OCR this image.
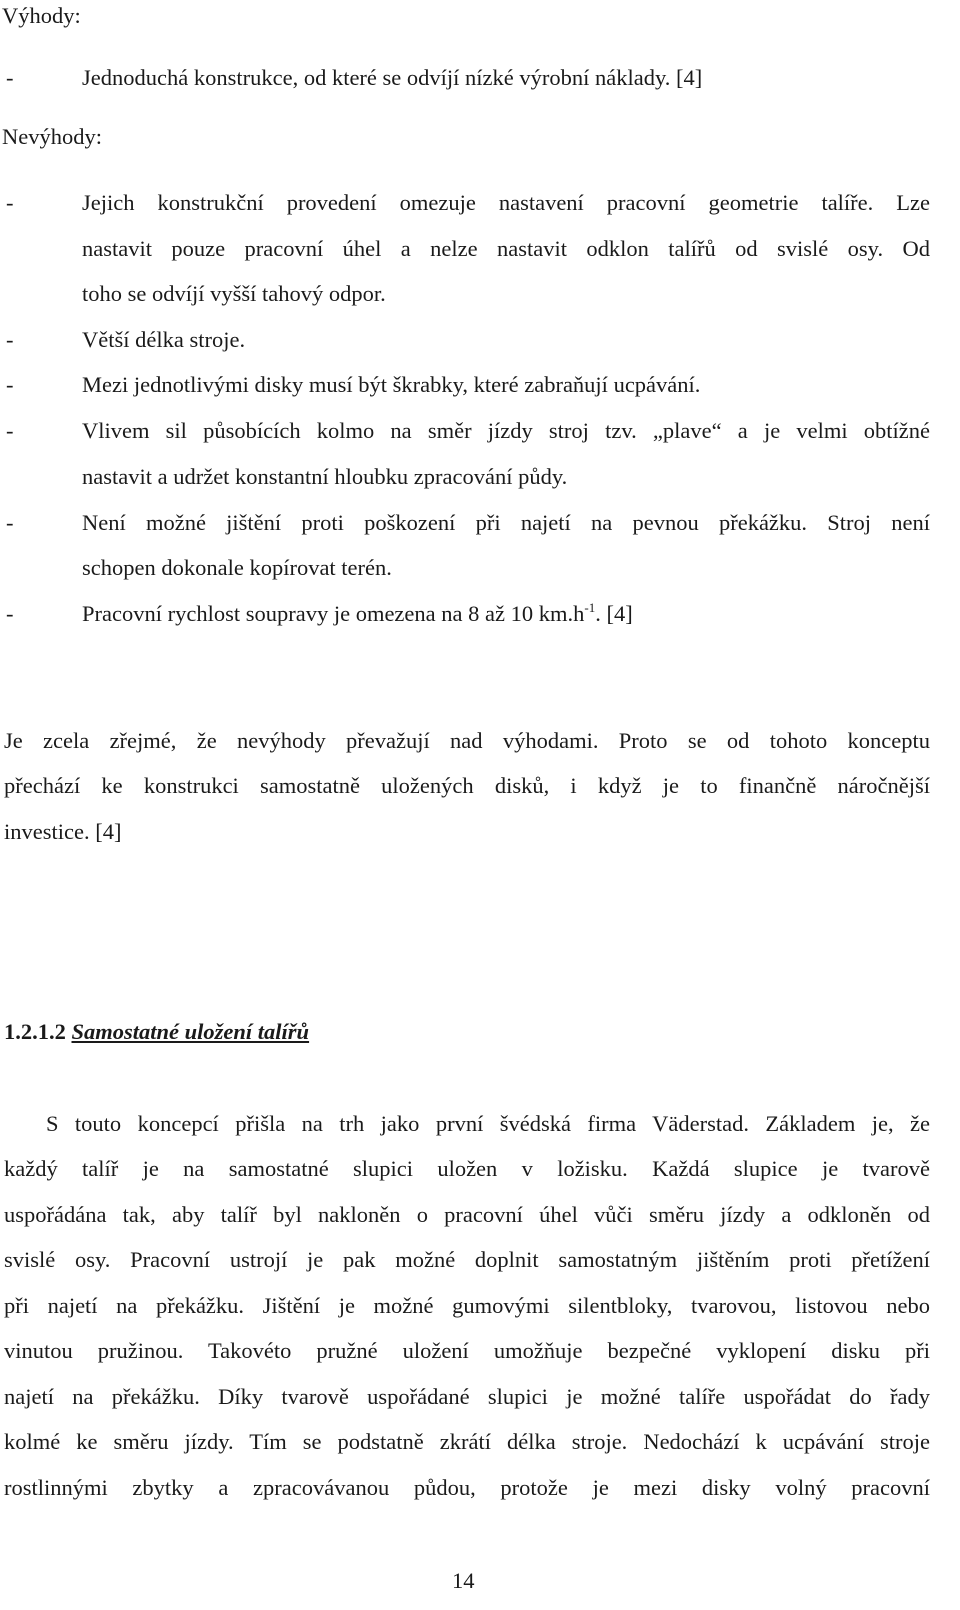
Výhody:
-	Jednoduchá konstrukce, od které se odvíjí nízké výrobní náklady. [4]
Nevýhody:
-	Jejich konstrukční provedení omezuje nastavení pracovní geometrie talíře. Lze
nastavit pouze pracovní úhel a nelze nastavit odklon talířů od svislé osy. Od
toho se odvíjí vyšší tahový odpor.
-	Větší délka stroje.
-	Mezi jednotlivými disky musí být škrabky, které zabraňují ucpávání.
-	Vlivem sil působících kolmo na směr jízdy stroj tzv. „plave“ a je velmi obtížné
nastavit a udržet konstantní hloubku zpracování půdy.
-	Není možné jištění proti poškození při najetí na pevnou překážku. Stroj není
schopen dokonale kopírovat terén.
-	Pracovní rychlost soupravy je omezena na 8 až 10 $km.h^{-1}$. [4]
Je zcela zřejmé, že nevýhody převažují nad výhodami. Proto se od tohoto konceptu
přechází ke konstrukci samostatně uložených disků, i když je to finančně náročnější
investice. [4]
1.2.1.2 Samostatné uložení talířů
S touto koncepcí přišla na trh jako první švédská firma Väderstad. Základem je, že
každý talíř je na samostatné slupici uložen v ložisku. Každá slupice je tvarově
uspořádána tak, aby talíř byl nakloněn o pracovní úhel vůči směru jízdy a odkloněn od
svislé osy. Pracovní ustrojí je pak možné doplnit samostatným jištěním proti přetížení
při najetí na překážku. Jištění je možné gumovými silentbloky, tvarovou, listovou nebo
vinutou pružinou. Takovéto pružné uložení umožňuje bezpečné vyklopení disku při
najetí na překážku. Díky tvarově uspořádané slupici je možné talíře uspořádat do řady
kolmé ke směru jízdy. Tím se podstatně zkrátí délka stroje. Nedochází k ucpávání stroje
rostlinnými zbytky a zpracovávanou půdou, protože je mezi disky volný pracovní
14
